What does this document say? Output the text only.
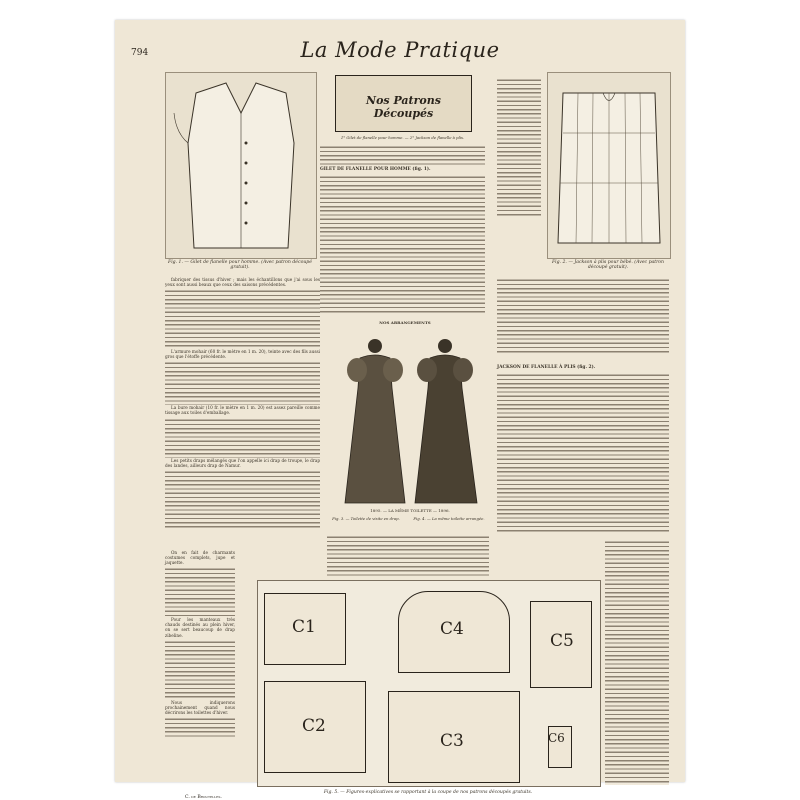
794	La Mode Pratique
Fig. 1. — Gilet de flanelle pour homme. (Avec patron découpé gratuit).
Nos Patrons Découpés
1° Gilet de flanelle pour homme. — 2° Jackson de flanelle à plis.
GILET DE FLANELLE POUR HOMME (fig. 1).
Fig. 2. — Jackson à plis pour bébé. (Avec patron découpé gratuit).

fabriquer des tissus d'hiver ; mais les échantillons que j'ai sous les yeux sont aussi beaux que ceux des saisons précédentes.

L'armure mohair (60 fr. le mètre en 1 m. 20), teinte avec des fils aussi gros que l'étoffe précédente.

La bure mohair (10 fr. le mètre en 1 m. 20) est assez pareille comme tissage aux toiles d'emballage.

Les petits draps mélangés que l'on appelle ici drap de troupe, le drap des landes, ailleurs drap de Namur.

On en fait de charmants costumes complets, jupe et jaquette.

Pour les manteaux très chauds destinés au plein hiver, on se sert beaucoup de drap zibeline.

Nous indiquerons prochainement quand nous décrirons les toilettes d'hiver.

C. de Broutelles.
NOS ARRANGEMENTS
1895. — LA MÊME TOILETTE — 1896.
Fig. 3. — Toilette de visite en drap.	Fig. 4. — La même toilette arrangée.
JACKSON DE FLANELLE À PLIS (fig. 2).
C1
C2
C4
C3
C5
C6
Fig. 5. — Figures-explicatives se rapportant à la coupe de nos patrons découpés gratuits.
